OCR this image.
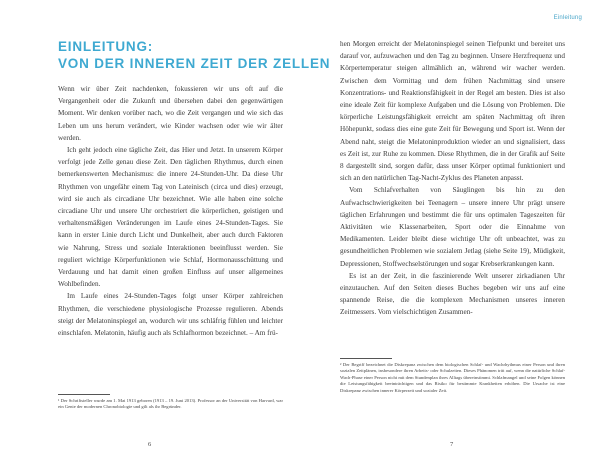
EINLEITUNG:
VON DER INNEREN ZEIT DER ZELLEN

Wenn wir über Zeit nachdenken, fokussieren wir uns oft auf die Vergangenheit oder die Zukunft und übersehen dabei den gegenwärtigen Moment. Wir denken vorüber nach, wo die Zeit vergangen und wie sich das Leben um uns herum verändert, wie Kinder wachsen oder wie wir älter werden.

Ich geht jedoch eine tägliche Zeit, das Hier und Jetzt. In unserem Körper verfolgt jede Zelle genau diese Zeit. Den täglichen Rhythmus, durch einen bemerkenswerten Mechanismus: die innere 24-Stunden-Uhr. Da diese Uhr Rhythmen von ungefähr einem Tag von Lateinisch (circa und dies) erzeugt, wird sie auch als circadiane Uhr bezeichnet. Wie alle haben eine solche circadiane Uhr und unsere Uhr orchestriert die körperlichen, geistigen und verhaltensmäßigen Veränderungen im Laufe eines 24-Stunden-Tages. Sie kann in erster Linie durch Licht und Dunkelheit, aber auch durch Faktoren wie Nahrung, Stress und soziale Interaktionen beeinflusst werden. Sie reguliert wichtige Körperfunktionen wie Schlaf, Hormonausschüttung und Verdauung und hat damit einen großen Einfluss auf unser allgemeines Wohlbefinden.

Im Laufe eines 24-Stunden-Tages folgt unser Körper zahlreichen Rhythmen, die verschiedene physiologische Prozesse regulieren. Abends steigt der Melatoninspiegel an, wodurch wir uns schläfrig fühlen und leichter einschlafen. Melatonin, häufig auch als Schlafhormon bezeichnet. – Am frü-

¹ Der Schriftsteller wurde am 1. Mai 1913 geboren (1913 – 19. Juni 2013). Professor an der Universität von Harvard, war ein Genie der modernen Chronobiologie und gilt als ihr Begründer.

6
Einleitung

hen Morgen erreicht der Melatoninspiegel seinen Tiefpunkt und bereitet uns darauf vor, aufzuwachen und den Tag zu beginnen. Unsere Herzfrequenz und Körpertemperatur steigen allmählich an, während wir wacher werden. Zwischen dem Vormittag und dem frühen Nachmittag sind unsere Konzentrations- und Reaktionsfähigkeit in der Regel am besten. Dies ist also eine ideale Zeit für komplexe Aufgaben und die Lösung von Problemen. Die körperliche Leistungsfähigkeit erreicht am späten Nachmittag oft ihren Höhepunkt, sodass dies eine gute Zeit für Bewegung und Sport ist. Wenn der Abend naht, steigt die Melatoninproduktion wieder an und signalisiert, dass es Zeit ist, zur Ruhe zu kommen. Diese Rhythmen, die in der Grafik auf Seite 8 dargestellt sind, sorgen dafür, dass unser Körper optimal funktioniert und sich an den natürlichen Tag-Nacht-Zyklus des Planeten anpasst.

Vom Schlafverhalten von Säuglingen bis hin zu den Aufwachschwierigkeiten bei Teenagern – unsere innere Uhr prägt unsere täglichen Erfahrungen und bestimmt die für uns optimalen Tageszeiten für Aktivitäten wie Klassenarbeiten, Sport oder die Einnahme von Medikamenten. Leider bleibt diese wichtige Uhr oft unbeachtet, was zu gesundheitlichen Problemen wie sozialem Jetlag (siehe Seite 19), Müdigkeit, Depressionen, Stoffwechselstörungen und sogar Krebserkrankungen kann.

Es ist an der Zeit, in die faszinierende Welt unserer zirkadianen Uhr einzutauchen. Auf den Seiten dieses Buches begeben wir uns auf eine spannende Reise, die die komplexen Mechanismen unseres inneren Zeitmessers. Vom vielschichtigen Zusammen-

² Der Begriff bezeichnet die Diskrepanz zwischen dem biologischen Schlaf- und Wachrhythmus einer Person und ihren sozialen Zeitplänen, insbesondere ihren Arbeits- oder Schulzeiten. Dieses Phänomen tritt auf, wenn die natürliche Schlaf-Wach-Phase einer Person nicht mit dem Stundenplan ihres Alltags übereinstimmt. Schlafmangel und seine Folgen können die Leistungsfähigkeit beeinträchtigen und das Risiko für bestimmte Krankheiten erhöhen. Die Ursache ist eine Diskrepanz zwischen innerer Körperzeit und sozialer Zeit.

7
